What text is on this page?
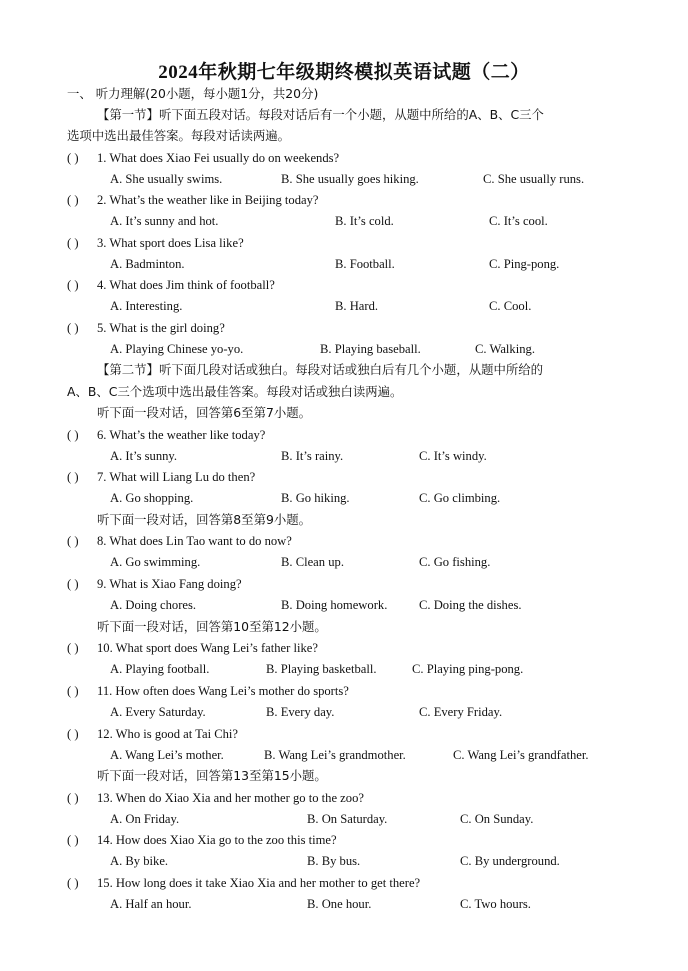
2024年秋期七年级期终模拟英语试题（二）
一、 听力理解(20小题，每小题1分，共20分)
【第一节】听下面五段对话。每段对话后有一个小题，从题中所给的A、B、C三个
选项中选出最佳答案。每段对话读两遍。
( ) 1. What does Xiao Fei usually do on weekends?
A. She usually swims.	B. She usually goes hiking.	C. She usually runs.
( ) 2. What’s the weather like in Beijing today?
A. It’s sunny and hot.	B. It’s cold.	C. It’s cool.
( ) 3. What sport does Lisa like?
A. Badminton.	B. Football.	C. Ping-pong.
( ) 4. What does Jim think of football?
A. Interesting.	B. Hard.	C. Cool.
( ) 5. What is the girl doing?
A. Playing Chinese yo-yo.	B. Playing baseball.	C. Walking.
【第二节】听下面几段对话或独白。每段对话或独白后有几个小题，从题中所给的
A、B、C三个选项中选出最佳答案。每段对话或独白读两遍。
听下面一段对话，回答第6至第7小题。
( ) 6. What’s the weather like today?
A. It’s sunny.	B. It’s rainy.	C. It’s windy.
( ) 7. What will Liang Lu do then?
A. Go shopping.	B. Go hiking.	C. Go climbing.
听下面一段对话，回答第8至第9小题。
( ) 8. What does Lin Tao want to do now?
A. Go swimming.	B. Clean up.	C. Go fishing.
( ) 9. What is Xiao Fang doing?
A. Doing chores.	B. Doing homework.	C. Doing the dishes.
听下面一段对话，回答第10至第12小题。
( ) 10. What sport does Wang Lei’s father like?
A. Playing football.	B. Playing basketball.	C. Playing ping-pong.
( ) 11. How often does Wang Lei’s mother do sports?
A. Every Saturday.	B. Every day.	C. Every Friday.
( ) 12. Who is good at Tai Chi?
A. Wang Lei’s mother.	B. Wang Lei’s grandmother.	C. Wang Lei’s grandfather.
听下面一段对话，回答第13至第15小题。
( ) 13. When do Xiao Xia and her mother go to the zoo?
A. On Friday.	B. On Saturday.	C. On Sunday.
( ) 14. How does Xiao Xia go to the zoo this time?
A. By bike.	B. By bus.	C. By underground.
( ) 15. How long does it take Xiao Xia and her mother to get there?
A. Half an hour.	B. One hour.	C. Two hours.
